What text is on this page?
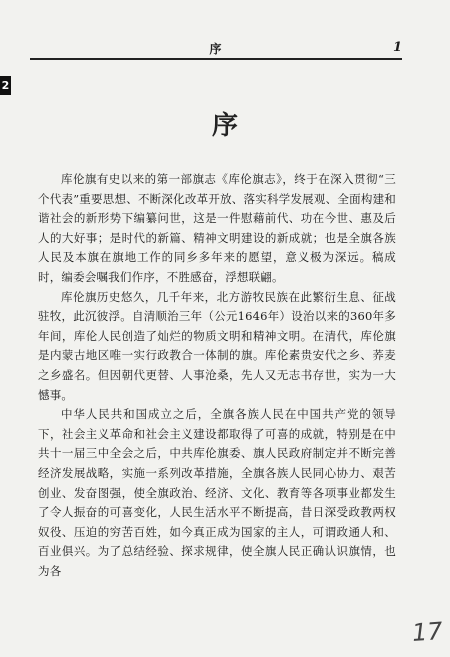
序	1
2
序

库伦旗有史以来的第一部旗志《库伦旗志》，终于在深入贯彻“三个代表”重要思想、不断深化改革开放、落实科学发展观、全面构建和谐社会的新形势下编纂问世，这是一件慰藉前代、功在今世、惠及后人的大好事；是时代的新篇、精神文明建设的新成就；也是全旗各族人民及本旗在旗地工作的同乡多年来的愿望，意义极为深远。稿成时，编委会嘱我们作序，不胜感奋，浮想联翩。

库伦旗历史悠久，几千年来，北方游牧民族在此繁衍生息、征战驻牧，此沉彼浮。自清顺治三年（公元1646年）设治以来的360年多年间，库伦人民创造了灿烂的物质文明和精神文明。在清代，库伦旗是内蒙古地区唯一实行政教合一体制的旗。库伦素贵安代之乡、荞麦之乡盛名。但因朝代更替、人事沧桑，先人又无志书存世，实为一大憾事。

中华人民共和国成立之后，全旗各族人民在中国共产党的领导下，社会主义革命和社会主义建设都取得了可喜的成就，特别是在中共十一届三中全会之后，中共库伦旗委、旗人民政府制定并不断完善经济发展战略，实施一系列改革措施，全旗各族人民同心协力、艰苦创业、发奋图强，使全旗政治、经济、文化、教育等各项事业都发生了令人振奋的可喜变化，人民生活水平不断提高，昔日深受政教两权奴役、压迫的穷苦百姓，如今真正成为国家的主人，可谓政通人和、百业俱兴。为了总结经验、探求规律，使全旗人民正确认识旗情，也为各

17
